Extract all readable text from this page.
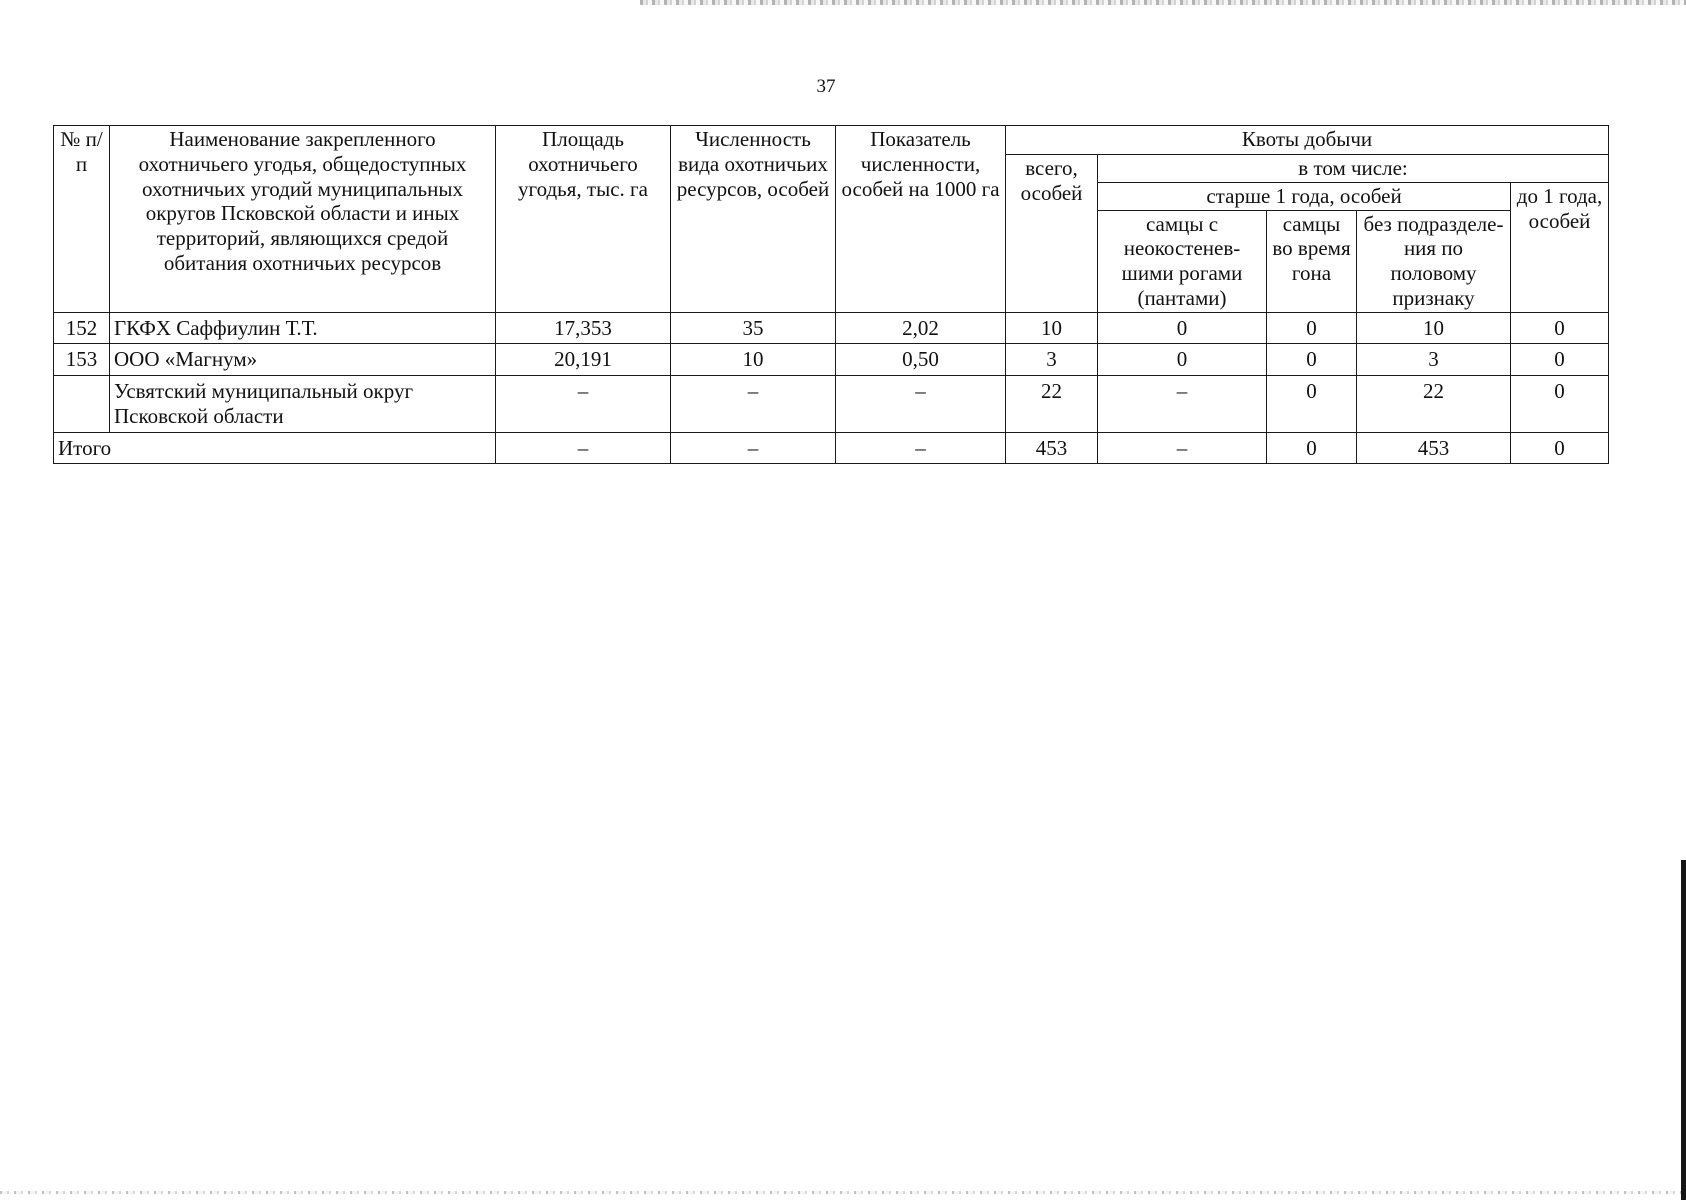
37
№ п/п	Наименование закрепленного охотничьего угодья, общедоступных охотничьих угодий муниципальных округов Псковской области и иных территорий, являющихся средой обитания охотничьих ресурсов	Площадь охотничьего угодья, тыс. га	Численность вида охотничьих ресурсов, особей	Показатель численности, особей на 1000 га	Квоты добычи				
					всего, особей	в том числе:			
						старше 1 года, особей			до 1 года, особей
						самцы с неокостенев-шими рогами (пантами)	самцы во время гона	без подразделе-ния по половому признаку	
152	ГКФХ Саффиулин Т.Т.	17,353	35	2,02	10	0	0	10	0
153	ООО «Магнум»	20,191	10	0,50	3	0	0	3	0
	Усвятский муниципальный округ Псковской области	–	–	–	22	–	0	22	0
Итого		–	–	–	453	–	0	453	0
